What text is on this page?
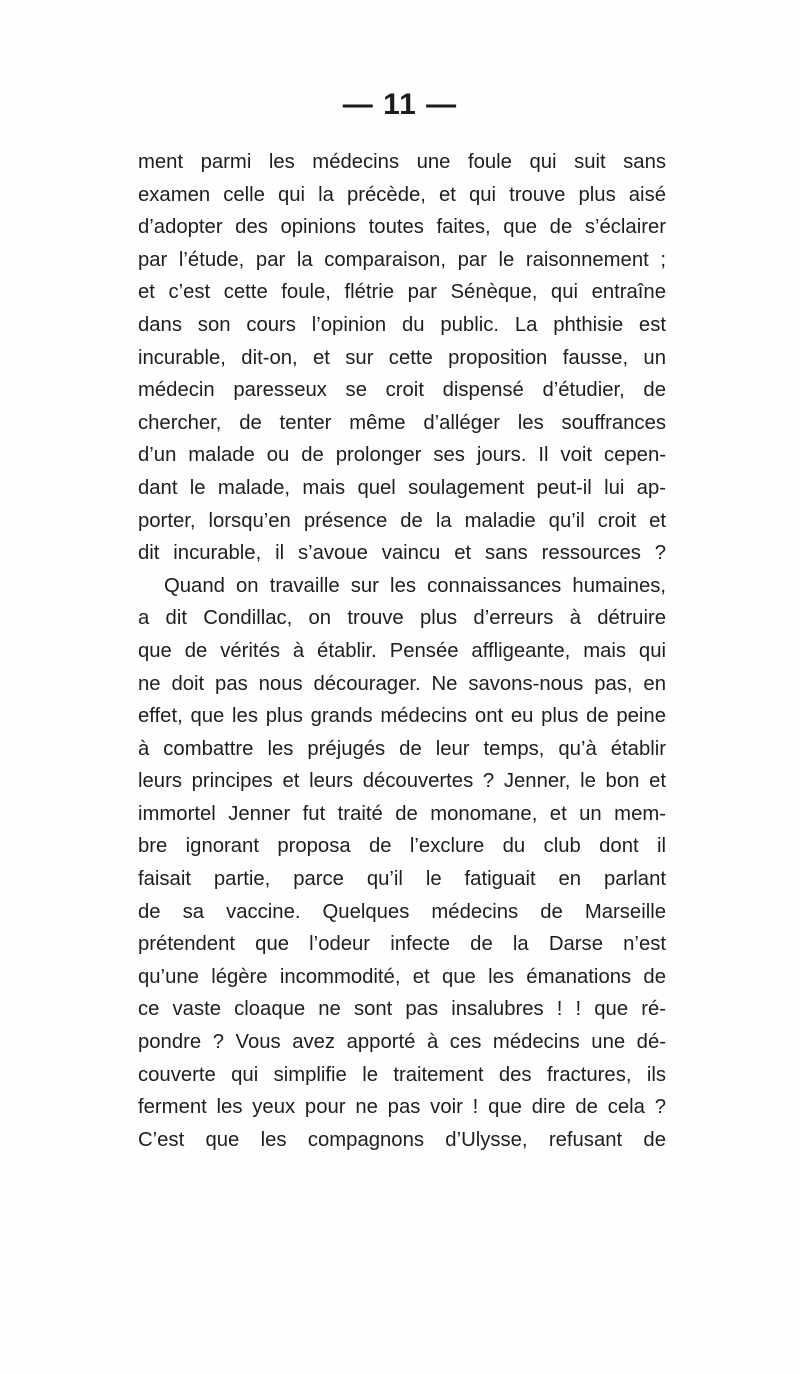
— 11 —
ment parmi les médecins une foule qui suit sans
examen celle qui la précède, et qui trouve plus aisé
d’adopter des opinions toutes faites, que de s’éclairer
par l’étude, par la comparaison, par le raisonnement ;
et c’est cette foule, flétrie par Sénèque, qui entraîne
dans son cours l’opinion du public. La phthisie est
incurable, dit-on, et sur cette proposition fausse, un
médecin paresseux se croit dispensé d’étudier, de
chercher, de tenter même d’alléger les souffrances
d’un malade ou de prolonger ses jours. Il voit cepen-
dant le malade, mais quel soulagement peut-il lui ap-
porter, lorsqu’en présence de la maladie qu’il croit et
dit incurable, il s’avoue vaincu et sans ressources ?
Quand on travaille sur les connaissances humaines,
a dit Condillac, on trouve plus d’erreurs à détruire
que de vérités à établir. Pensée affligeante, mais qui
ne doit pas nous décourager. Ne savons-nous pas, en
effet, que les plus grands médecins ont eu plus de peine
à combattre les préjugés de leur temps, qu’à établir
leurs principes et leurs découvertes ? Jenner, le bon et
immortel Jenner fut traité de monomane, et un mem-
bre ignorant proposa de l’exclure du club dont il
faisait partie, parce qu’il le fatiguait en parlant
de sa vaccine. Quelques médecins de Marseille
prétendent que l’odeur infecte de la Darse n’est
qu’une légère incommodité, et que les émanations de
ce vaste cloaque ne sont pas insalubres ! ! que ré-
pondre ? Vous avez apporté à ces médecins une dé-
couverte qui simplifie le traitement des fractures, ils
ferment les yeux pour ne pas voir ! que dire de cela ?
C’est que les compagnons d’Ulysse, refusant de
